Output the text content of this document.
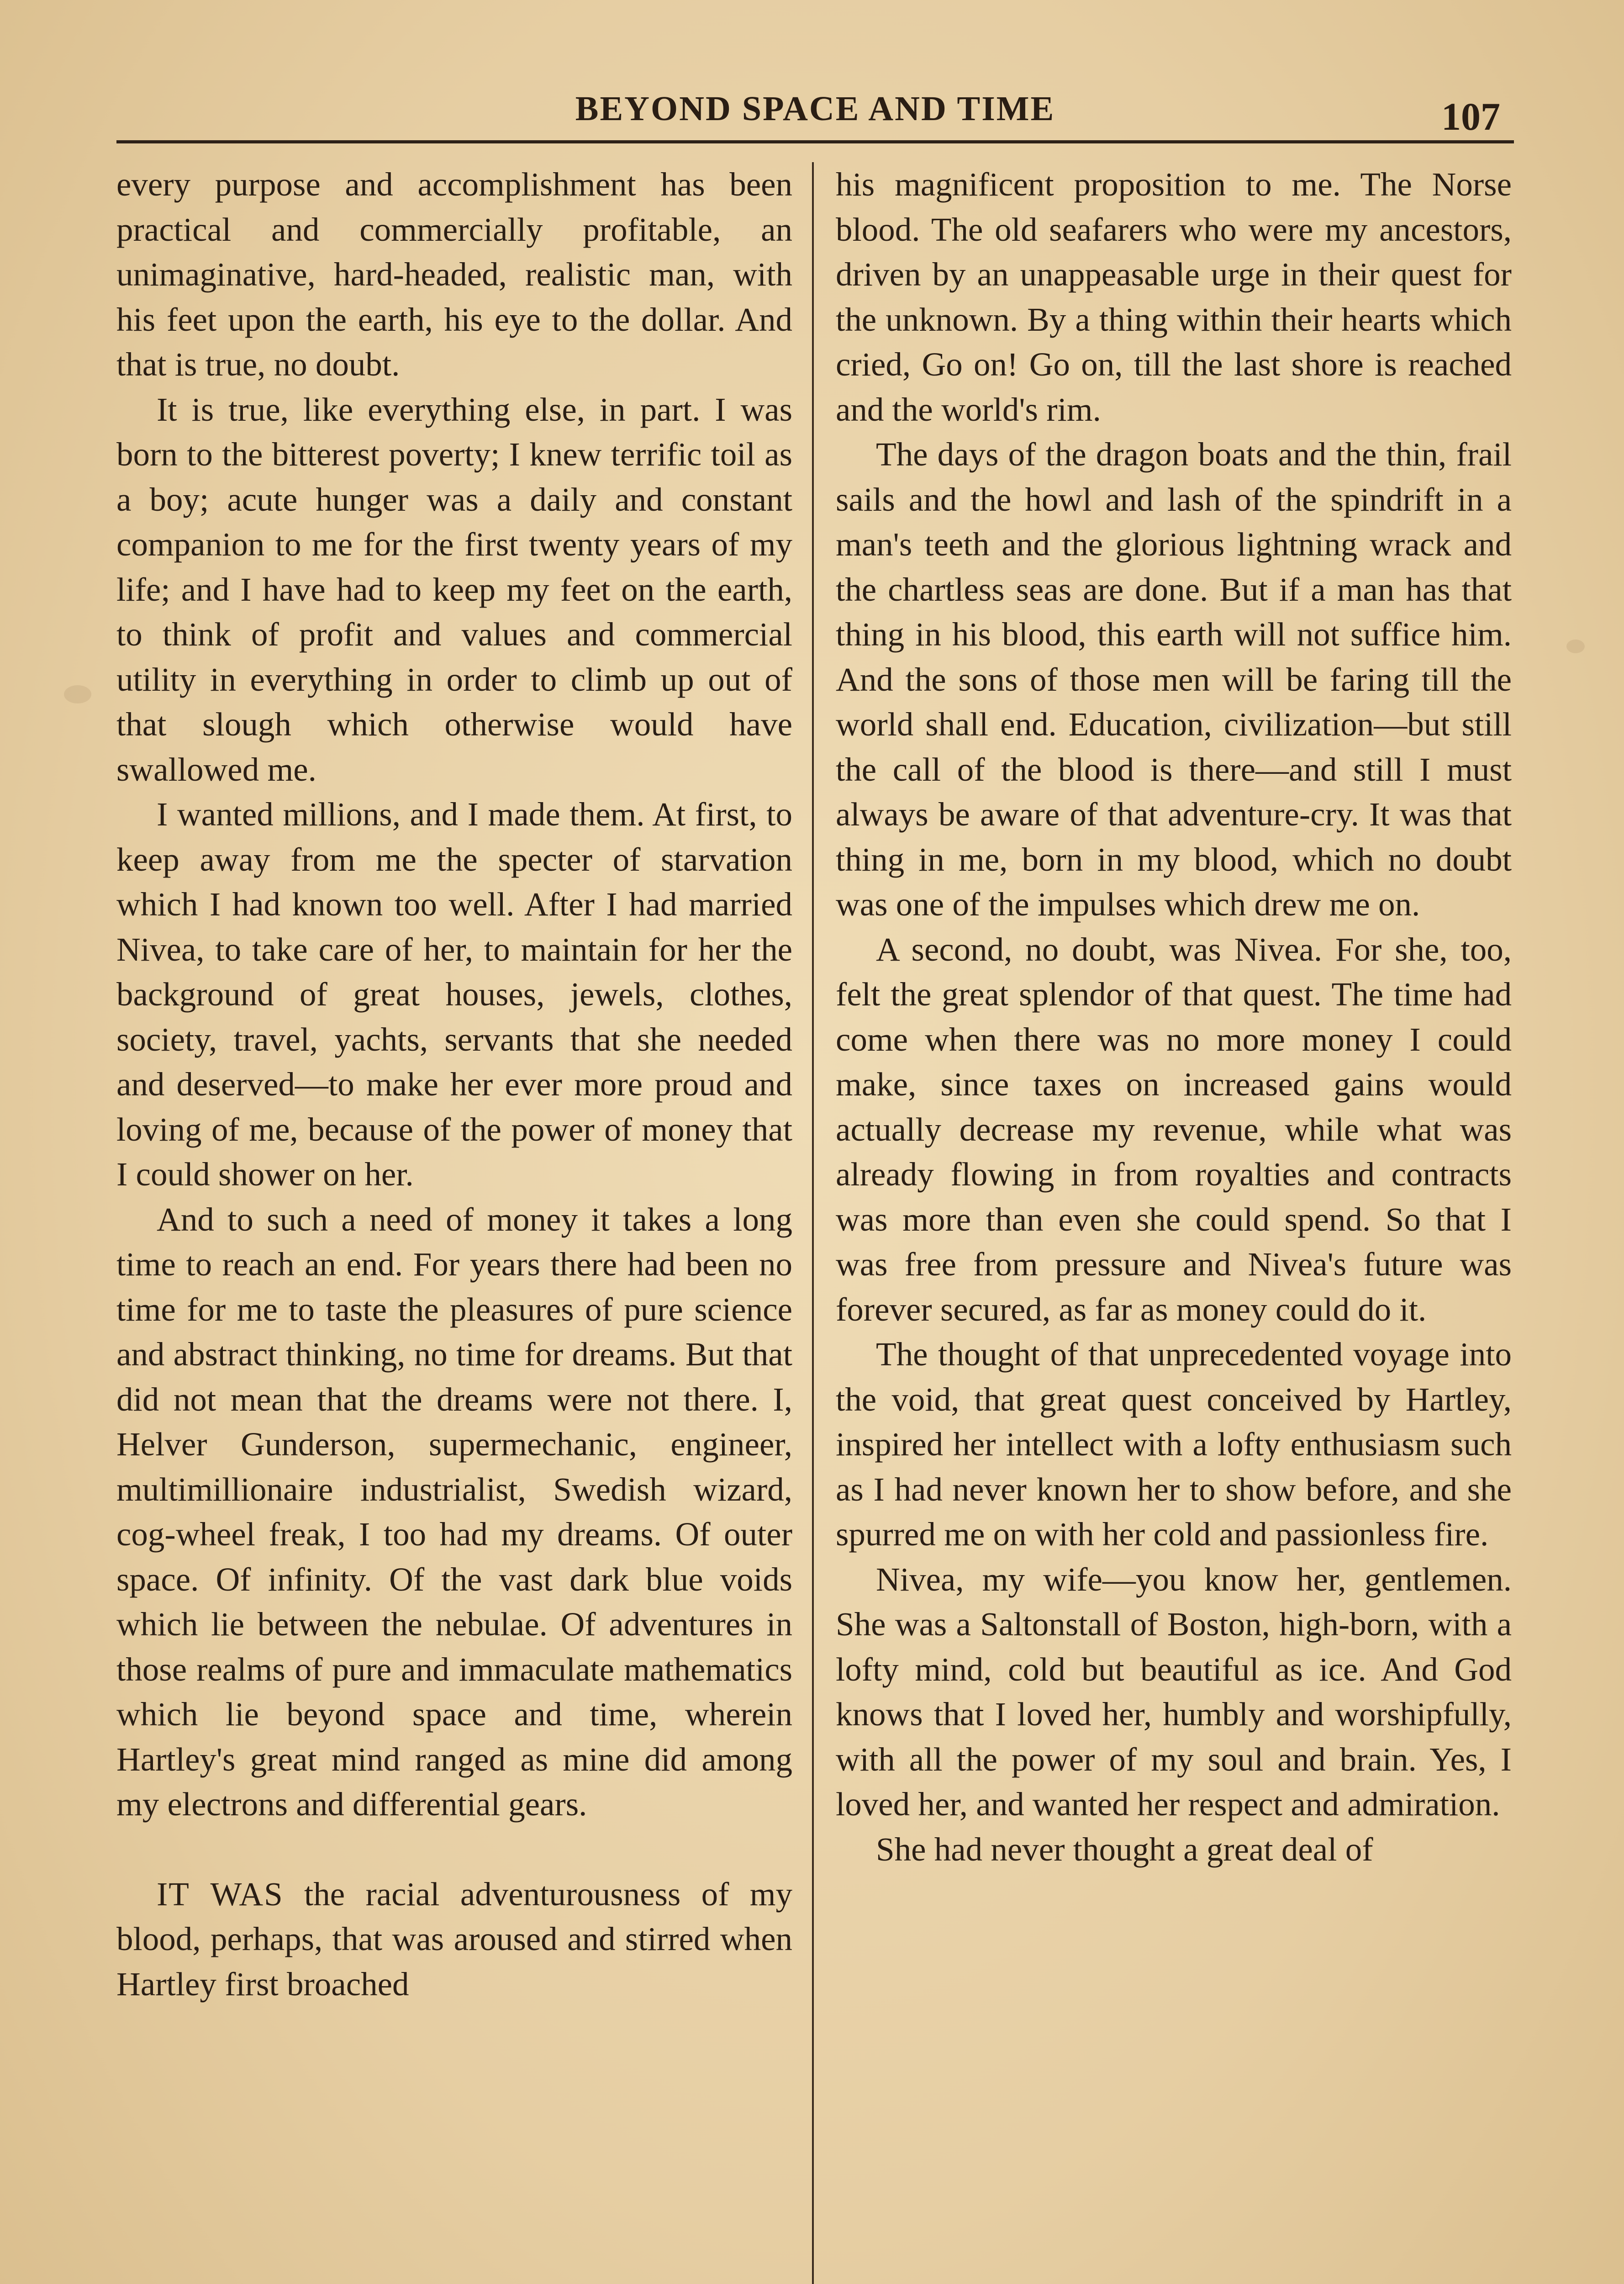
BEYOND SPACE AND TIME	107

every purpose and accomplishment has been practical and commercially profitable, an unimaginative, hard-headed, realistic man, with his feet upon the earth, his eye to the dollar. And that is true, no doubt.

It is true, like everything else, in part. I was born to the bitterest poverty; I knew terrific toil as a boy; acute hunger was a daily and constant companion to me for the first twenty years of my life; and I have had to keep my feet on the earth, to think of profit and values and commercial utility in everything in order to climb up out of that slough which otherwise would have swallowed me.

I wanted millions, and I made them. At first, to keep away from me the specter of starvation which I had known too well. After I had married Nivea, to take care of her, to maintain for her the background of great houses, jewels, clothes, society, travel, yachts, servants that she needed and deserved—to make her ever more proud and loving of me, because of the power of money that I could shower on her.

And to such a need of money it takes a long time to reach an end. For years there had been no time for me to taste the pleasures of pure science and abstract thinking, no time for dreams. But that did not mean that the dreams were not there. I, Helver Gunderson, supermechanic, engineer, multimillionaire industrialist, Swedish wizard, cog-wheel freak, I too had my dreams. Of outer space. Of infinity. Of the vast dark blue voids which lie between the nebulae. Of adventures in those realms of pure and immaculate mathematics which lie beyond space and time, wherein Hartley's great mind ranged as mine did among my electrons and differential gears.

IT WAS the racial adventurousness of my blood, perhaps, that was aroused and stirred when Hartley first broached

his magnificent proposition to me. The Norse blood. The old seafarers who were my ancestors, driven by an unappeasable urge in their quest for the unknown. By a thing within their hearts which cried, Go on! Go on, till the last shore is reached and the world's rim.

The days of the dragon boats and the thin, frail sails and the howl and lash of the spindrift in a man's teeth and the glorious lightning wrack and the chartless seas are done. But if a man has that thing in his blood, this earth will not suffice him. And the sons of those men will be faring till the world shall end. Education, civilization—but still the call of the blood is there—and still I must always be aware of that adventure-cry. It was that thing in me, born in my blood, which no doubt was one of the impulses which drew me on.

A second, no doubt, was Nivea. For she, too, felt the great splendor of that quest. The time had come when there was no more money I could make, since taxes on increased gains would actually decrease my revenue, while what was already flowing in from royalties and contracts was more than even she could spend. So that I was free from pressure and Nivea's future was forever secured, as far as money could do it.

The thought of that unprecedented voyage into the void, that great quest conceived by Hartley, inspired her intellect with a lofty enthusiasm such as I had never known her to show before, and she spurred me on with her cold and passionless fire.

Nivea, my wife—you know her, gentlemen. She was a Saltonstall of Boston, high-born, with a lofty mind, cold but beautiful as ice. And God knows that I loved her, humbly and worshipfully, with all the power of my soul and brain. Yes, I loved her, and wanted her respect and admiration.

She had never thought a great deal of
